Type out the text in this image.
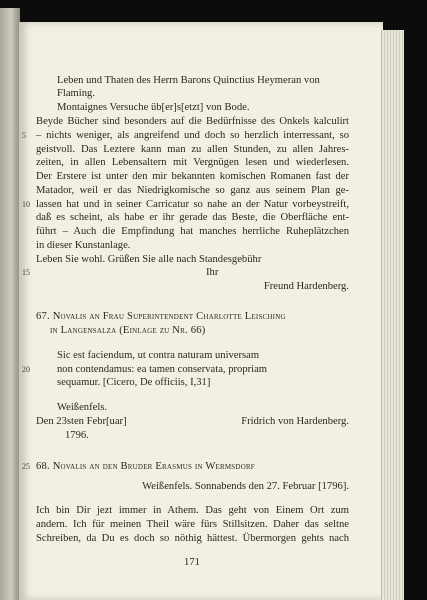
Leben und Thaten des Herrn Barons Quinctius Heymeran von
Flaming.
Montaignes Versuche üb[er]s[etzt] von Bode.
Beyde Bücher sind besonders auf die Bedürfnisse des Onkels kalculirt
5 – nichts weniger, als angreifend und doch so herzlich interressant, so
geistvoll. Das Leztere kann man zu allen Stunden, zu allen Jahres-
zeiten, in allen Lebensaltern mit Vergnügen lesen und wiederlesen.
Der Erstere ist unter den mir bekannten komischen Romanen fast der
Matador, weil er das Niedrigkomische so ganz aus seinem Plan ge-
10 lassen hat und in seiner Carricatur so nahe an der Natur vorbeystreift,
daß es scheint, als habe er ihr gerade das Beste, die Oberfläche ent-
führt – Auch die Empfindung hat manches herrliche Ruheplätzchen
in dieser Kunstanlage.
Leben Sie wohl. Grüßen Sie alle nach Standesgebühr
15	Ihr
Freund Hardenberg.
67. Novalis an Frau Superintendent Charlotte Leisching
in Langensalza (Einlage zu Nr. 66)
Sic est faciendum, ut contra naturam universam
20	non contendamus: ea tamen conservata, propriam
sequamur. [Cicero, De officiis, I,31]
Weißenfels.
Den 23sten Febr[uar]	Fridrich von Hardenberg.
1796.
25 68. Novalis an den Bruder Erasmus in Wermsdorf
Weißenfels. Sonnabends den 27. Februar [1796].
Ich bin Dir jezt immer in Athem. Das geht von Einem Ort zum
andern. Ich für meinen Theil wäre fürs Stillsitzen. Daher das seltne
Schreiben, da Du es doch so nöthig hättest. Übermorgen gehts nach
171
